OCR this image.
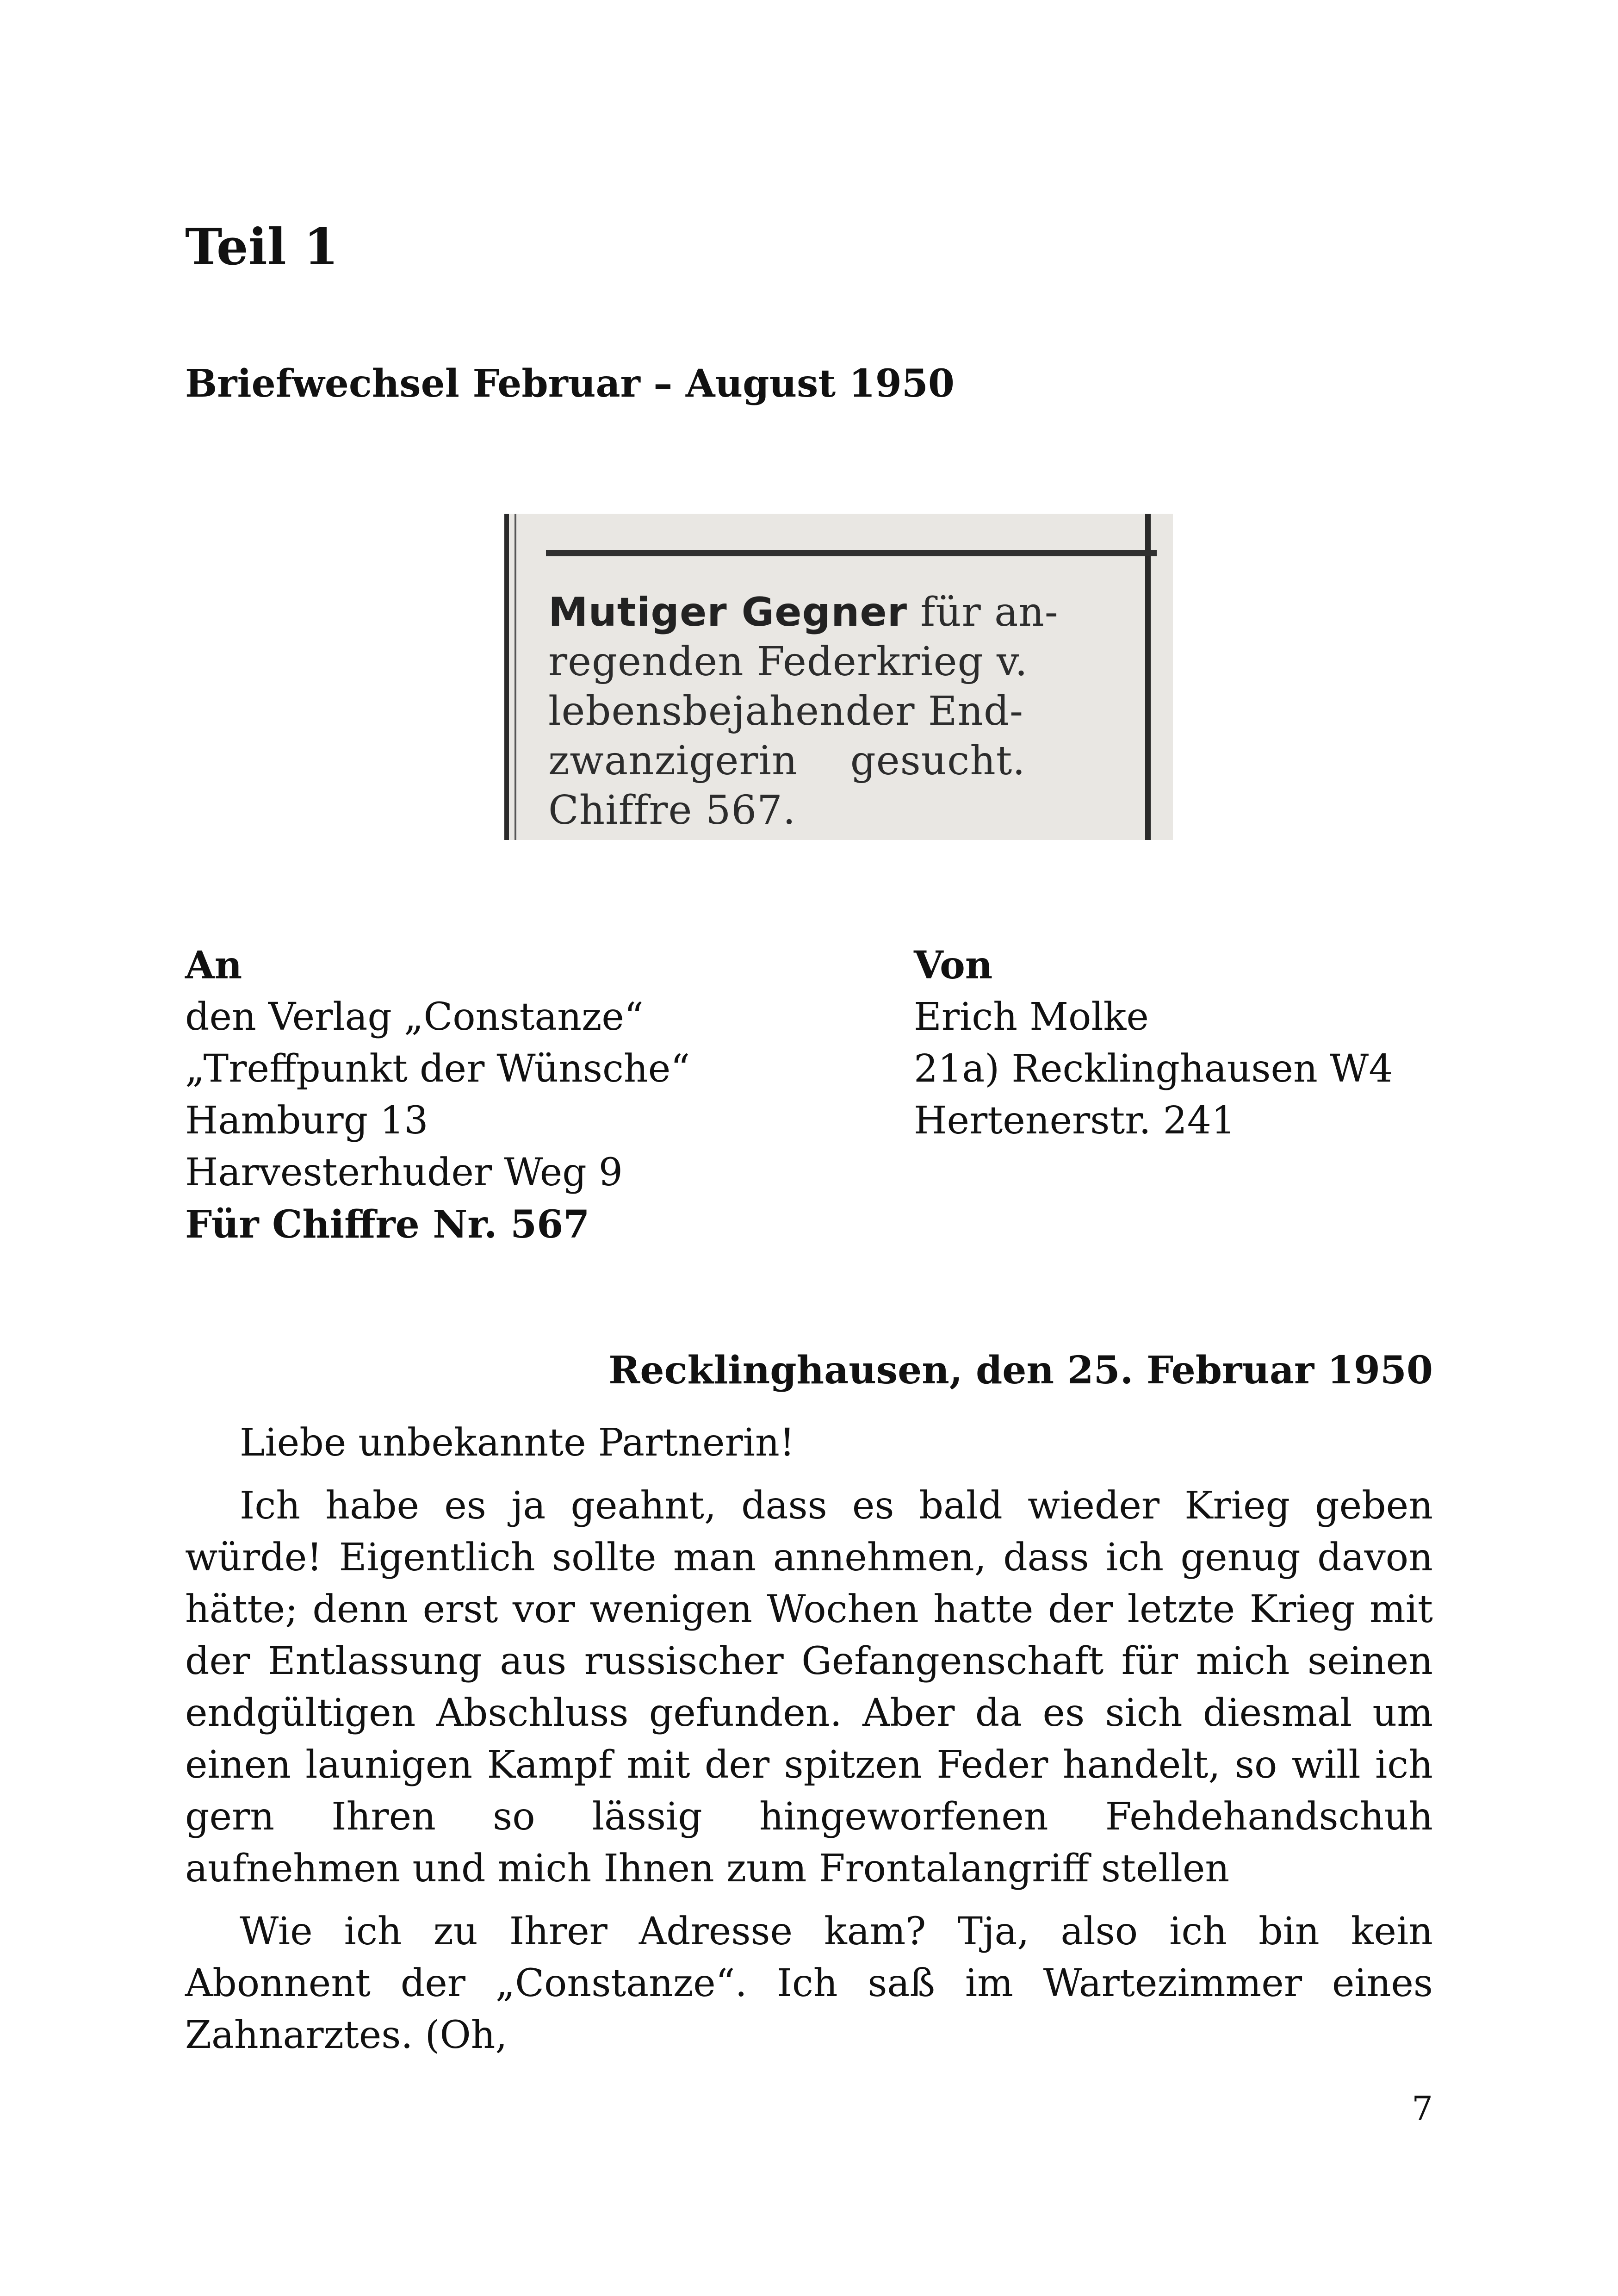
Teil 1
Briefwechsel Februar – August 1950
Mutiger Gegner für an-
regenden Federkrieg v.
lebensbejahender End-
zwanzigerin    gesucht.
Chiffre 567.
An
den Verlag „Constanze“
„Treffpunkt der Wünsche“
Hamburg 13
Harvesterhuder Weg 9
Für Chiffre Nr. 567
Von
Erich Molke
21a) Recklinghausen W4
Hertenerstr. 241
Recklinghausen, den 25. Februar 1950

Liebe unbekannte Partnerin!

Ich habe es ja geahnt, dass es bald wieder Krieg geben würde! Eigentlich sollte man annehmen, dass ich genug davon hätte; denn erst vor wenigen Wochen hatte der letzte Krieg mit der Entlassung aus russischer Gefangenschaft für mich seinen endgültigen Abschluss gefunden. Aber da es sich diesmal um einen launigen Kampf mit der spitzen Feder handelt, so will ich gern Ihren so lässig hingeworfenen Fehdehandschuh aufnehmen und mich Ihnen zum Frontalangriff stellen

Wie ich zu Ihrer Adresse kam? Tja, also ich bin kein Abonnent der „Constanze“. Ich saß im Wartezimmer eines Zahnarztes. (Oh,

7
